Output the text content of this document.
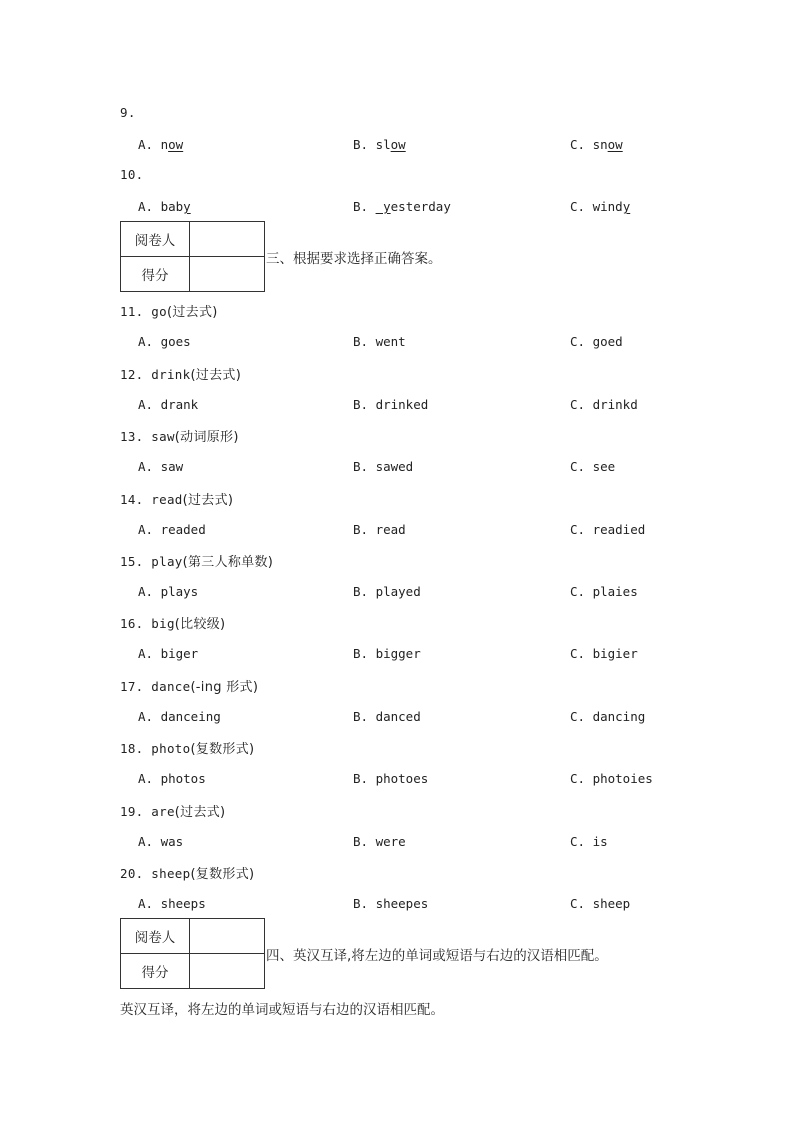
9.
A. now	B. slow	C. snow
10.
A. baby	B.  yesterday	C. windy
阅卷人	
得分	
三、根据要求选择正确答案。
11. go(过去式)
A. goes	B. went	C. goed
12. drink(过去式)
A. drank	B. drinked	C. drinkd
13. saw(动词原形)
A. saw	B. sawed	C. see
14. read(过去式)
A. readed	B. read	C. readied
15. play(第三人称单数)
A. plays	B. played	C. plaies
16. big(比较级)
A. biger	B. bigger	C. bigier
17. dance(-ing 形式)
A. danceing	B. danced	C. dancing
18. photo(复数形式)
A. photos	B. photoes	C. photoies
19. are(过去式)
A. was	B. were	C. is
20. sheep(复数形式)
A. sheeps	B. sheepes	C. sheep
阅卷人	
得分	
四、英汉互译,将左边的单词或短语与右边的汉语相匹配。
英汉互译，将左边的单词或短语与右边的汉语相匹配。
